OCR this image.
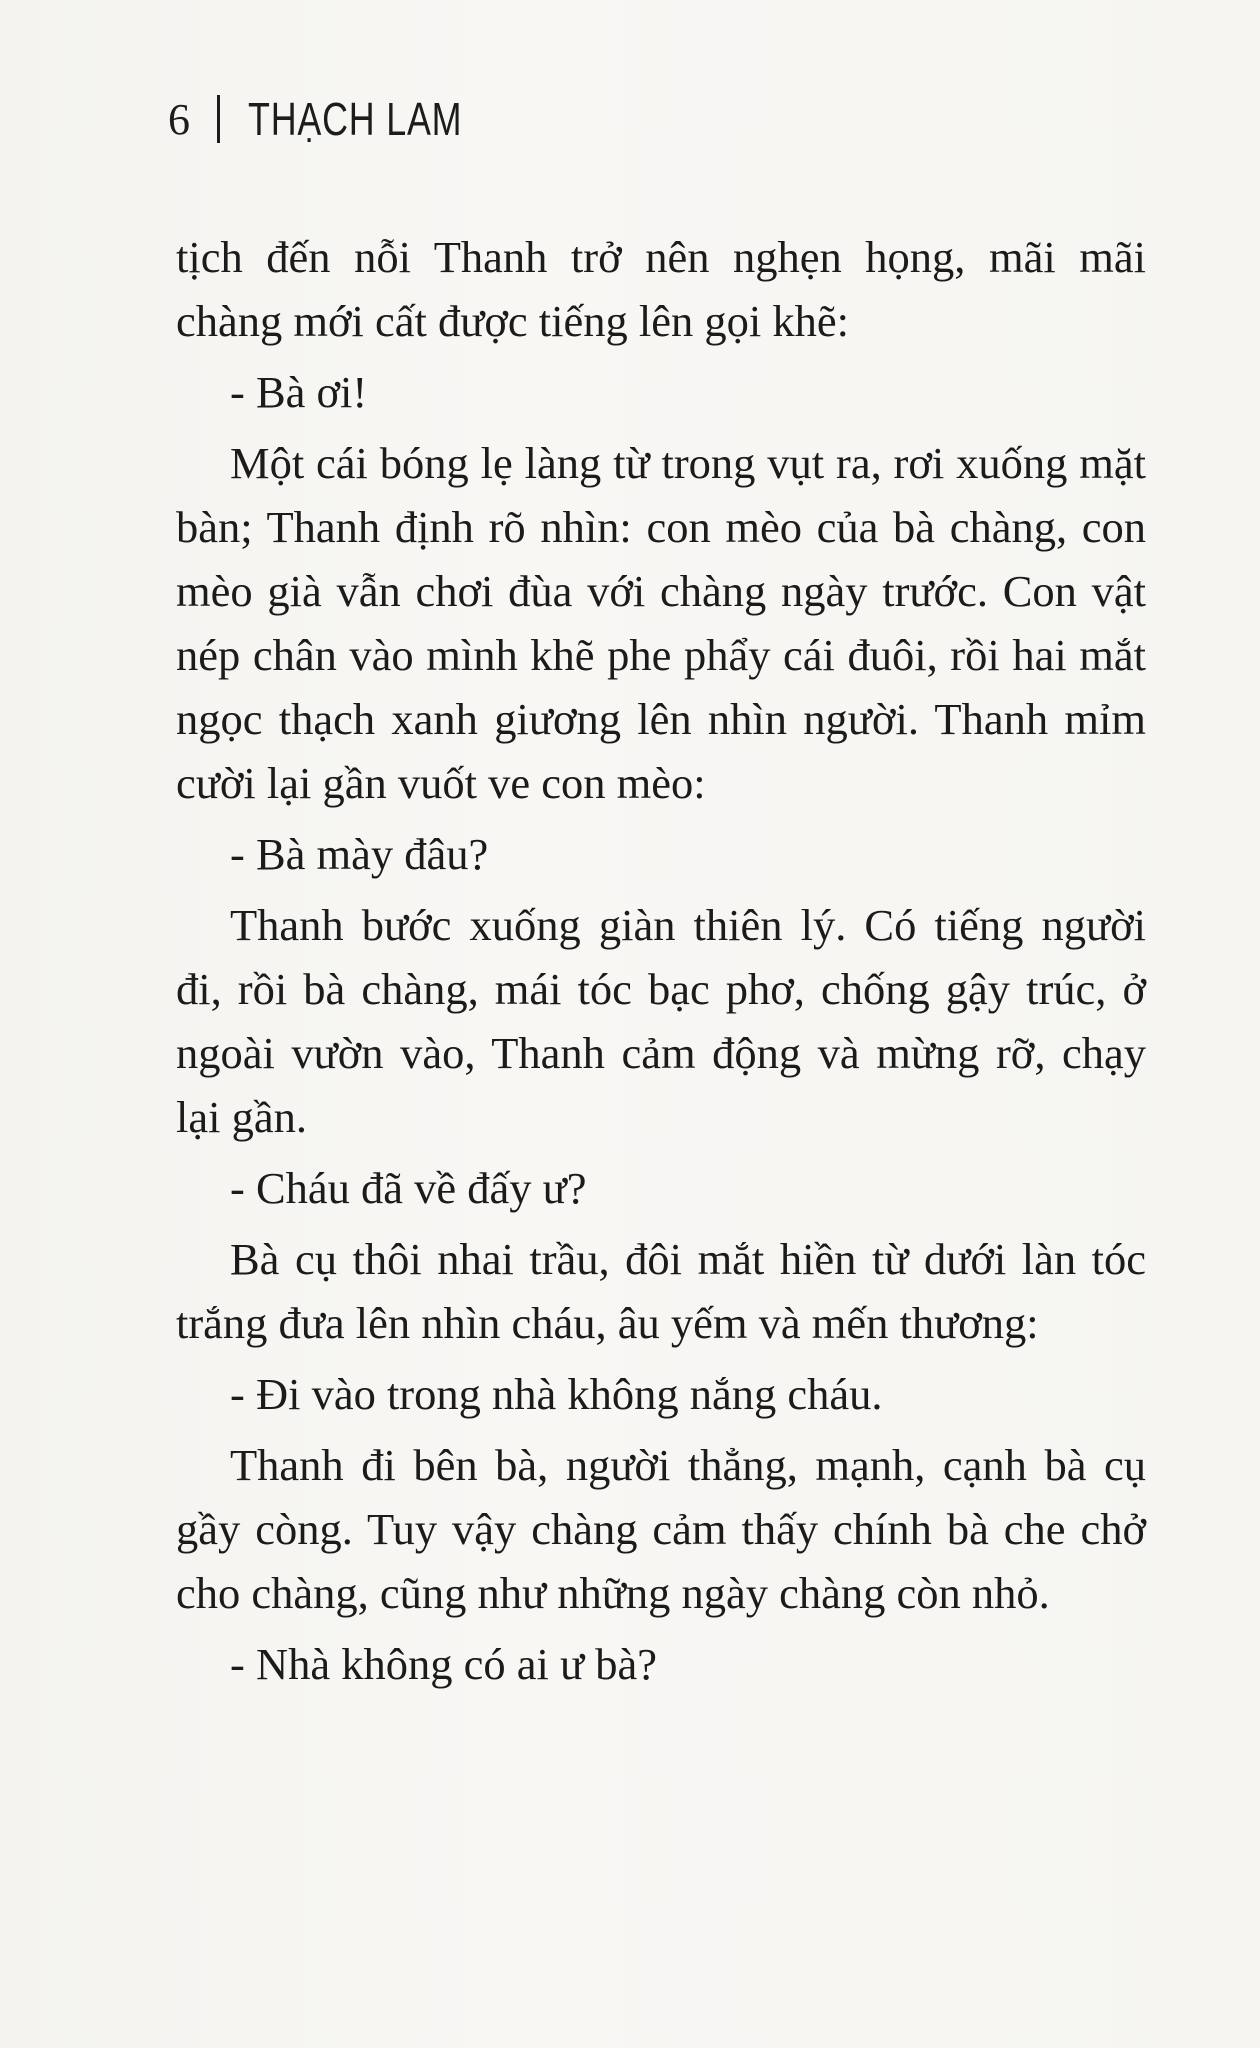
6 THẠCH LAM

tịch đến nỗi Thanh trở nên nghẹn họng, mãi mãi chàng mới cất được tiếng lên gọi khẽ:

- Bà ơi!

Một cái bóng lẹ làng từ trong vụt ra, rơi xuống mặt bàn; Thanh định rõ nhìn: con mèo của bà chàng, con mèo già vẫn chơi đùa với chàng ngày trước. Con vật nép chân vào mình khẽ phe phẩy cái đuôi, rồi hai mắt ngọc thạch xanh giương lên nhìn người. Thanh mỉm cười lại gần vuốt ve con mèo:

- Bà mày đâu?

Thanh bước xuống giàn thiên lý. Có tiếng người đi, rồi bà chàng, mái tóc bạc phơ, chống gậy trúc, ở ngoài vườn vào, Thanh cảm động và mừng rỡ, chạy lại gần.

- Cháu đã về đấy ư?

Bà cụ thôi nhai trầu, đôi mắt hiền từ dưới làn tóc trắng đưa lên nhìn cháu, âu yếm và mến thương:

- Đi vào trong nhà không nắng cháu.

Thanh đi bên bà, người thẳng, mạnh, cạnh bà cụ gầy còng. Tuy vậy chàng cảm thấy chính bà che chở cho chàng, cũng như những ngày chàng còn nhỏ.

- Nhà không có ai ư bà?
